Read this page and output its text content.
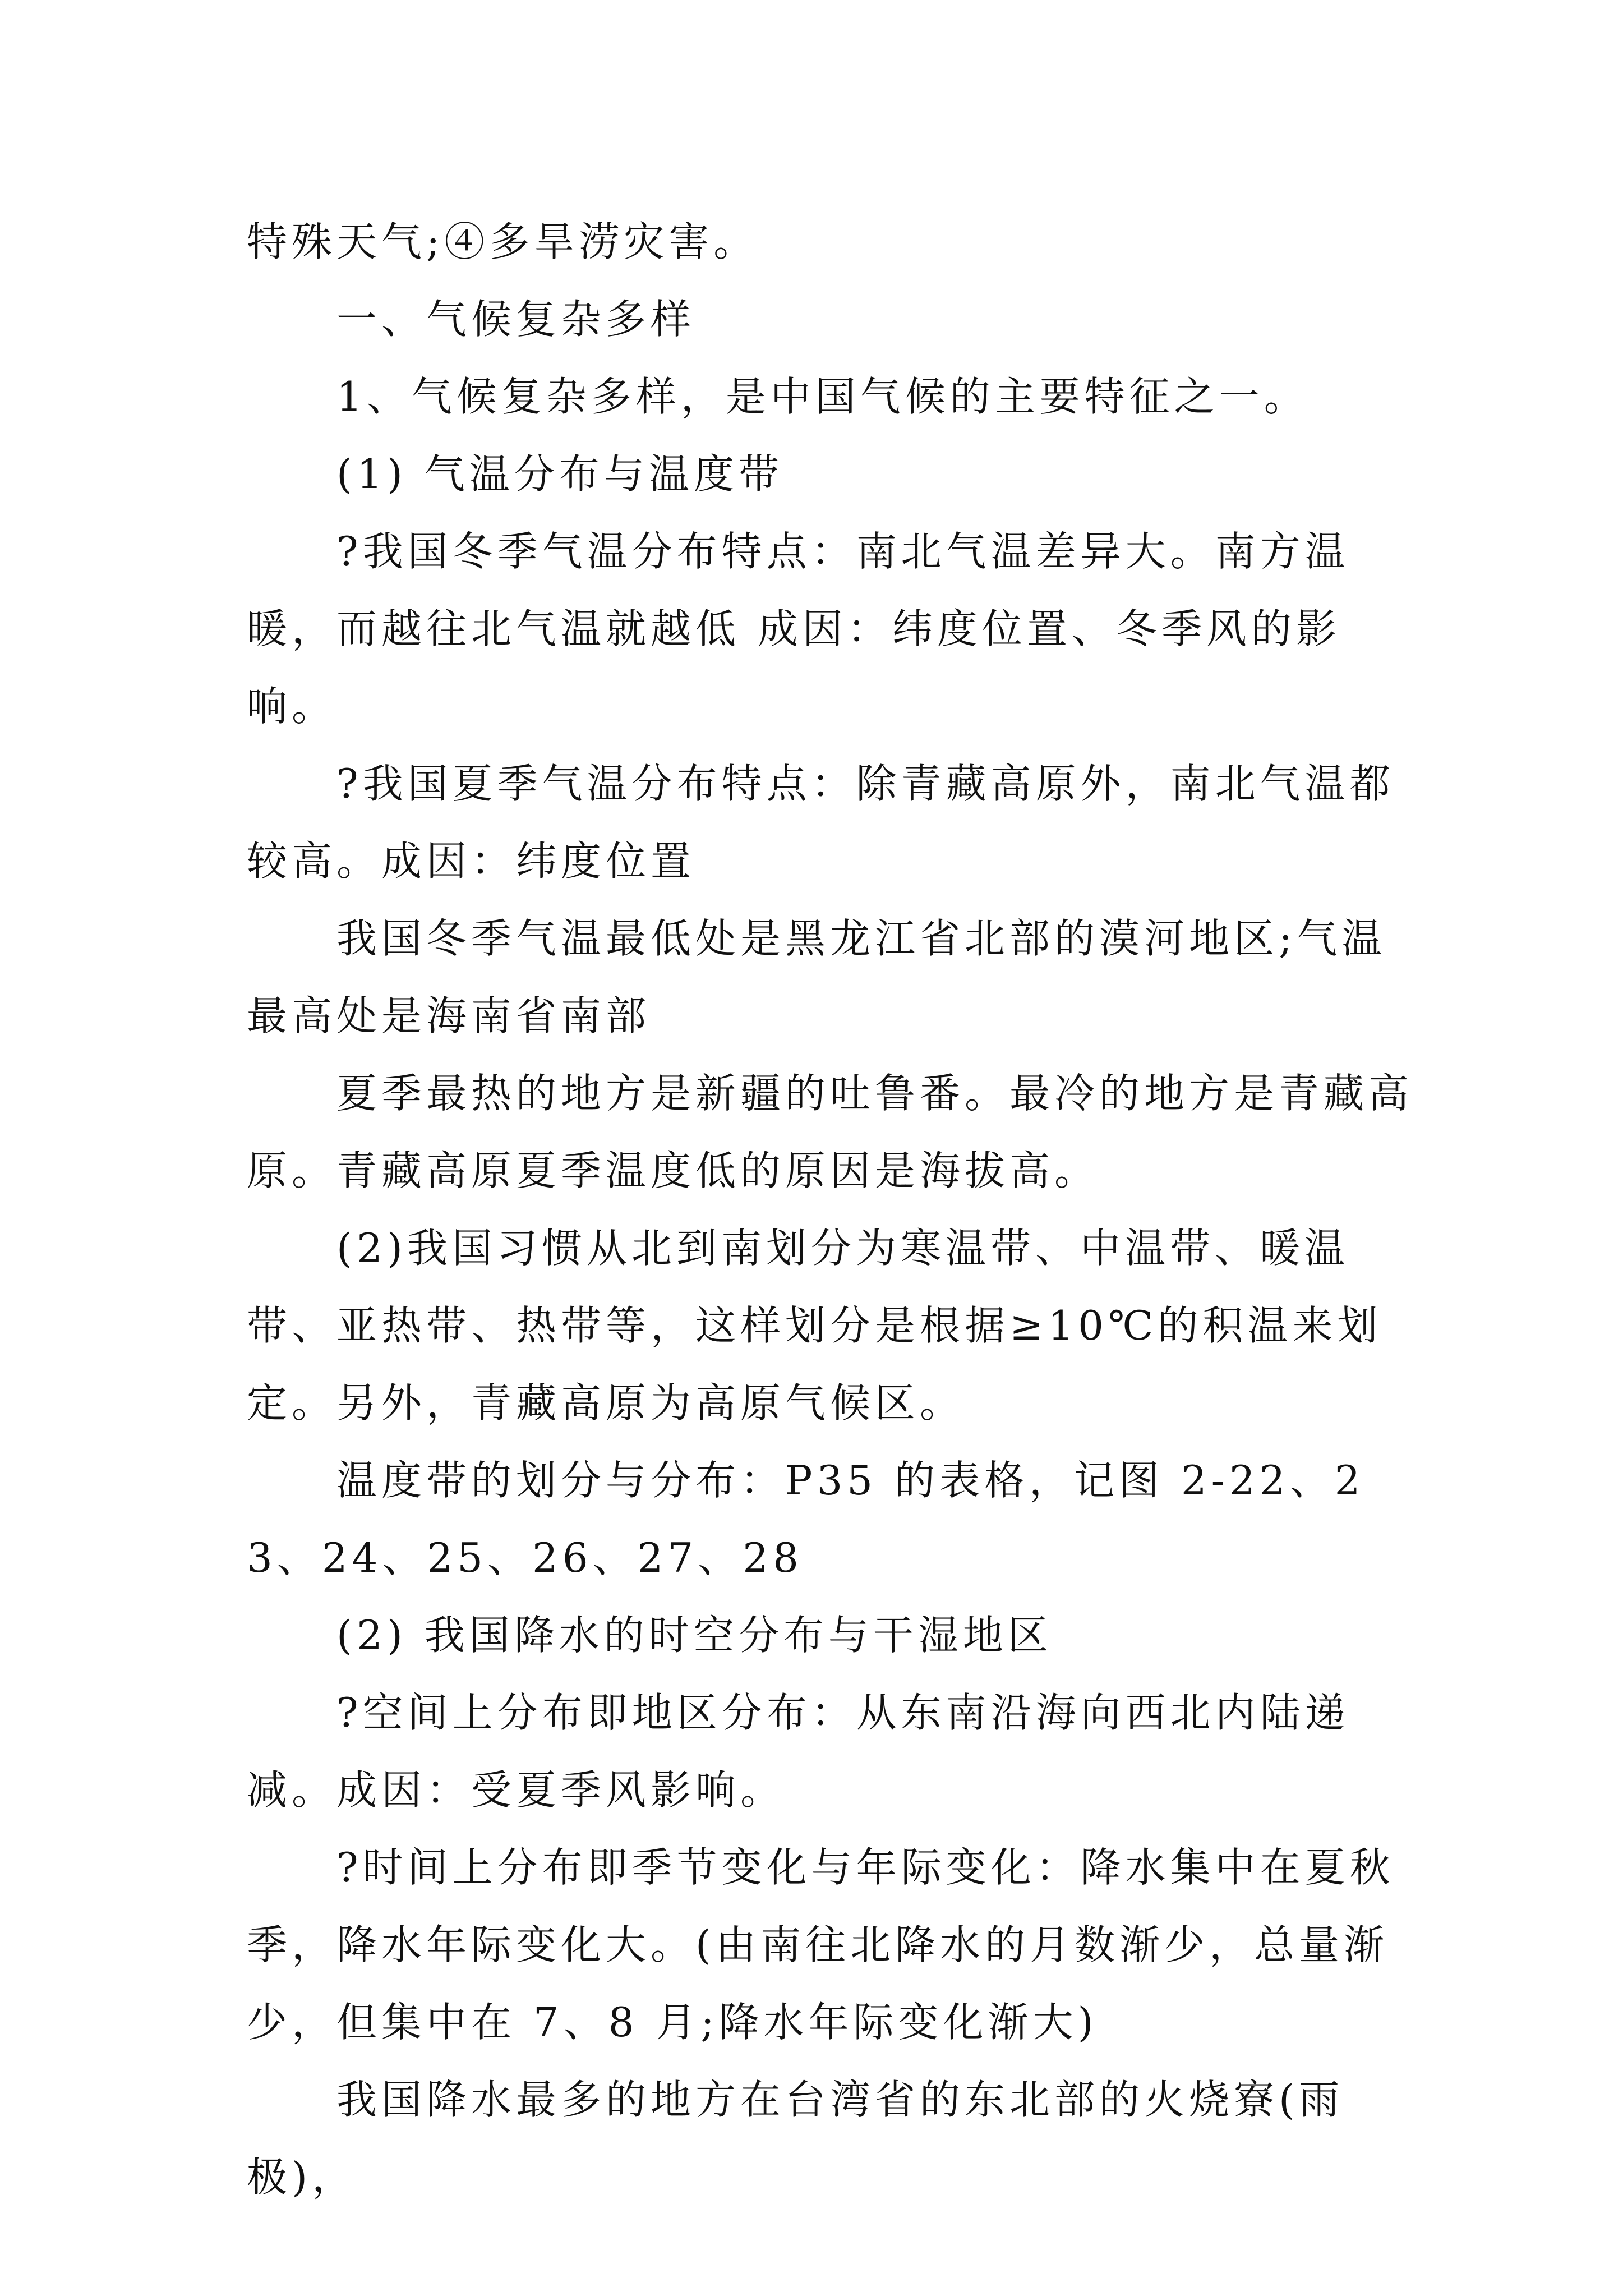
特殊天气;④多旱涝灾害。

一、气候复杂多样

1、气候复杂多样，是中国气候的主要特征之一。

(1) 气温分布与温度带

?我国冬季气温分布特点：南北气温差异大。南方温暖，而越往北气温就越低 成因：纬度位置、冬季风的影响。

?我国夏季气温分布特点：除青藏高原外，南北气温都较高。成因：纬度位置

我国冬季气温最低处是黑龙江省北部的漠河地区;气温最高处是海南省南部

夏季最热的地方是新疆的吐鲁番。最冷的地方是青藏高原。青藏高原夏季温度低的原因是海拔高。

(2)我国习惯从北到南划分为寒温带、中温带、暖温带、亚热带、热带等，这样划分是根据≥10℃的积温来划定。另外，青藏高原为高原气候区。

温度带的划分与分布：P35 的表格，记图 2-22、23、24、25、26、27、28

(2) 我国降水的时空分布与干湿地区

?空间上分布即地区分布：从东南沿海向西北内陆递减。成因：受夏季风影响。

?时间上分布即季节变化与年际变化：降水集中在夏秋季，降水年际变化大。(由南往北降水的月数渐少，总量渐少，但集中在 7、8 月;降水年际变化渐大)

我国降水最多的地方在台湾省的东北部的火烧寮(雨极)，
